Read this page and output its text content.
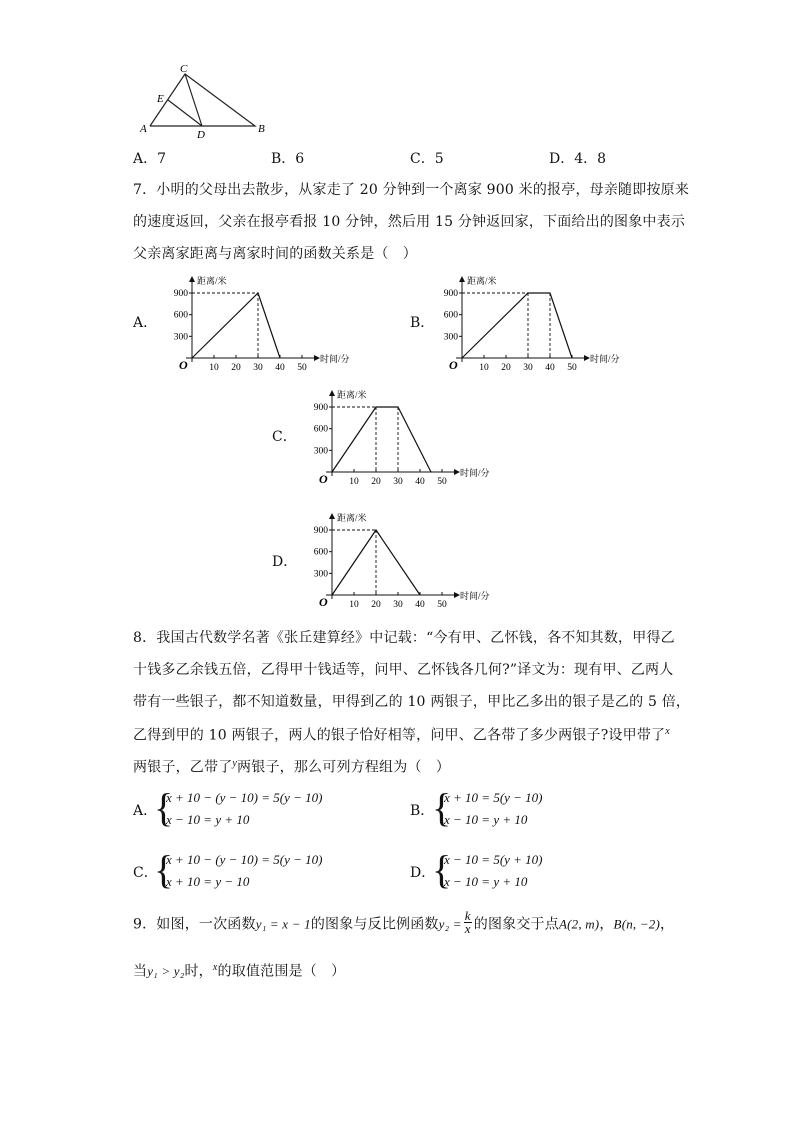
C
E
A	D	B
A．7	B．6	C．5	D．4．8
7．小明的父母出去散步，从家走了 20 分钟到一个离家 900 米的报亭，母亲随即按原来
的速度返回，父亲在报亭看报 10 分钟，然后用 15 分钟返回家，下面给出的图象中表示
父亲离家距离与离家时间的函数关系是（　）
A．	B．
C．
D．
距离/米
时间/分
O
900
600
300
10 20 30 40 50
距离/米
时间/分
O
900
600
300
10 20 30 40 50
距离/米
时间/分
O
900
600
300
10 20 30 40 50
距离/米
时间/分
O
900
600
300
10 20 30 40 50
8．我国古代数学名著《张丘建算经》中记载：“今有甲、乙怀钱，各不知其数，甲得乙
十钱多乙余钱五倍，乙得甲十钱适等，问甲、乙怀钱各几何?”译文为：现有甲、乙两人
带有一些银子，都不知道数量，甲得到乙的 10 两银子，甲比乙多出的银子是乙的 5 倍，
乙得到甲的 10 两银子，两人的银子恰好相等，问甲、乙各带了多少两银子?设甲带了$^x$
两银子，乙带了$^y$两银子，那么可列方程组为（　）
A．
{
x + 10 − (y − 10) = 5(y − 10)
x − 10 = y + 10
B．
{
x + 10 = 5(y − 10)
x − 10 = y + 10
C．
{
x + 10 − (y − 10) = 5(y − 10)
x + 10 = y − 10
D．
{
x − 10 = 5(y + 10)
x − 10 = y + 10
9．如图，一次函数y₁ = x − 1的图象与反比例函数$y_2 = \frac{k}{x}$ 的图象交于点A(2, m)，B(n, −2)，
当y₁ > y₂时，$^x$的取值范围是（　）
